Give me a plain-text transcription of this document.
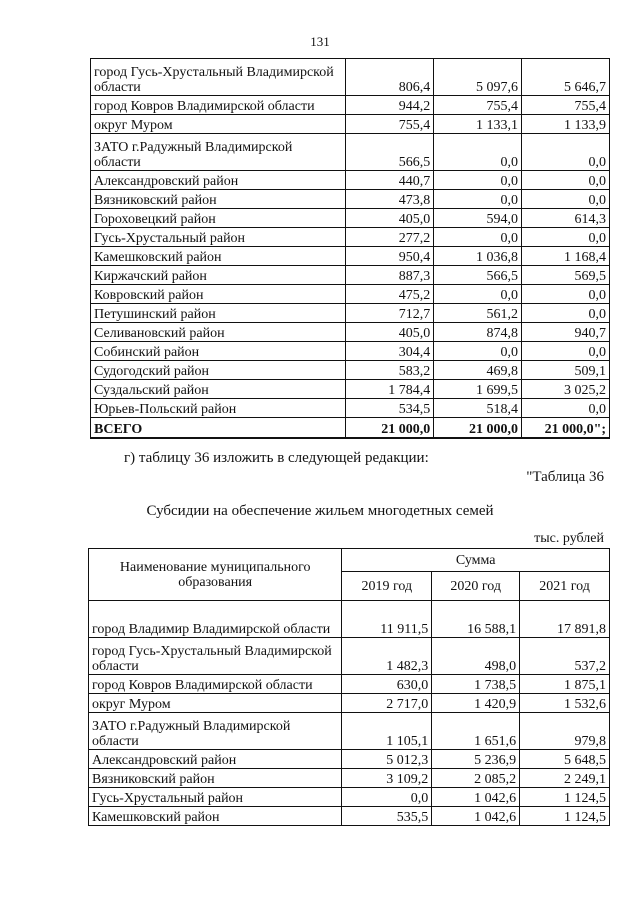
131
город Гусь-Хрустальный Владимирской области	806,4	5 097,6	5 646,7
город Ковров Владимирской области	944,2	755,4	755,4
округ Муром	755,4	1 133,1	1 133,9
ЗАТО г.Радужный Владимирской области	566,5	0,0	0,0
Александровский район	440,7	0,0	0,0
Вязниковский район	473,8	0,0	0,0
Гороховецкий район	405,0	594,0	614,3
Гусь-Хрустальный район	277,2	0,0	0,0
Камешковский район	950,4	1 036,8	1 168,4
Киржачский район	887,3	566,5	569,5
Ковровский район	475,2	0,0	0,0
Петушинский район	712,7	561,2	0,0
Селивановский район	405,0	874,8	940,7
Собинский район	304,4	0,0	0,0
Судогодский район	583,2	469,8	509,1
Суздальский район	1 784,4	1 699,5	3 025,2
Юрьев-Польский район	534,5	518,4	0,0
ВСЕГО	21 000,0	21 000,0	21 000,0";
г) таблицу 36 изложить в следующей редакции:
"Таблица 36
Субсидии на обеспечение жильем многодетных семей
тыс. рублей
Наименование муниципального образования	Сумма		
	2019 год	2020 год	2021 год
город Владимир Владимирской области	11 911,5	16 588,1	17 891,8
город Гусь-Хрустальный Владимирской области	1 482,3	498,0	537,2
город Ковров Владимирской области	630,0	1 738,5	1 875,1
округ Муром	2 717,0	1 420,9	1 532,6
ЗАТО г.Радужный Владимирской области	1 105,1	1 651,6	979,8
Александровский район	5 012,3	5 236,9	5 648,5
Вязниковский район	3 109,2	2 085,2	2 249,1
Гусь-Хрустальный район	0,0	1 042,6	1 124,5
Камешковский район	535,5	1 042,6	1 124,5
